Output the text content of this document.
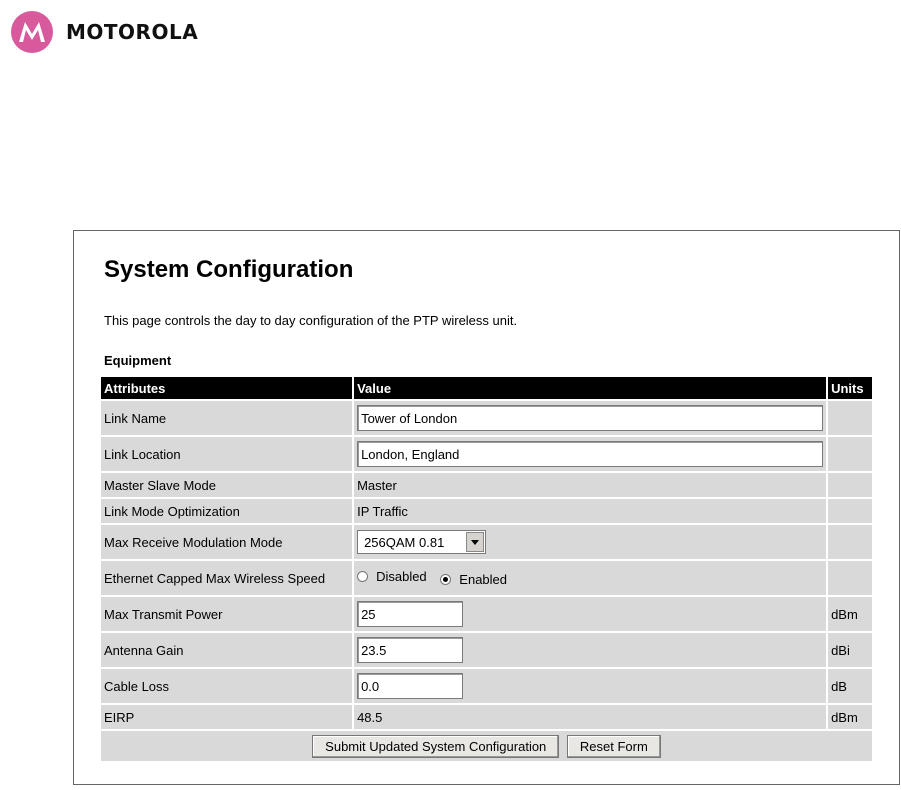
MOTOROLA
System Configuration
This page controls the day to day configuration of the PTP wireless unit.
Equipment
Attributes	Value	Units
Link Name	Tower of London	
Link Location	London, England	
Master Slave Mode	Master	
Link Mode Optimization	IP Traffic	
Max Receive Modulation Mode	256QAM 0.81	

Ethernet Capped Max Wireless Speed	Disabled
Enabled	

Max Transmit Power	25	dBm
Antenna Gain	23.5	dBi
Cable Loss	0.0	dB
EIRP	48.5	dBm
Submit Updated System Configuration Reset Form		
